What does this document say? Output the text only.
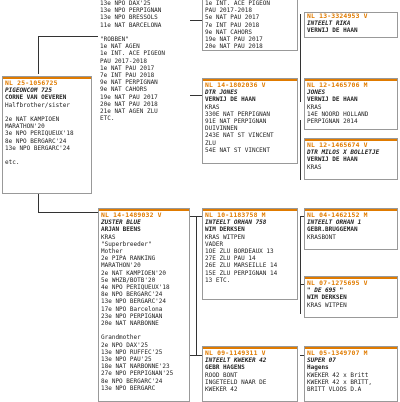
13e NPO DAX'25
13e NPO PERPIGNAN
13e NPO BRESSOLS
11e NAT BARCELONA

"ROBBEN"
1e NAT AGEN
1e INT. ACE PIGEON
PAU 2017-2018
1e NAT PAU 2017
7e INT PAU 2018
9e NAT PERPIGNAN
9e NAT CAHORS
19e NAT PAU 2017
20e NAT PAU 2018
21e NAT AGEN ZLU
ETC.
NL 25-1056725
PIGEONCOM 725
CORNE VAN OEVEREN
Halfbrother/sister

2e NAT KAMPIOEN
MARATHON'20
3e NPO PERIQUEUX'18
8e NPO BERGARC'24
13e NPO BERGARC'24

etc.
1e INT. ACE PIGEON
PAU 2017-2018
5e NAT PAU 2017
7e INT PAU 2018
9e NAT CAHORS
19e NAT PAU 2017
20e NAT PAU 2018
NL 13-3324953 V
INTEELT RIKA
VERWIJ DE HAAN
NL 14-1802036 V
DTR JONES
VERWIJ DE HAAN
KRAS
330E NAT PERPIGNAN
91E NAT PERPIGNAN
DUIVINNEN
243E NAT ST VINCENT
ZLU
54E NAT ST VINCENT
NL 12-1465706 M
JONES
VERWIJ DE HAAN
KRAS
14E NOORD HOLLAND
PERPIGNAN 2014
NL 12-1465674 V
DTR MILOS X BOLLETJE
VERWIJ DE HAAN
KRAS
NL 14-1489032 V
ZUSTER BLUE
ARJAN BEENS
KRAS
"Superbreeder"
Mother
2e PIPA RANKING
MARATHON'20
2e NAT KAMPIOEN'20
5e WHZB/BOTB'20
4e NPO PERIQUEUX'18
8e NPO BERGARC'24
13e NPO BERGARC'24
17e NPO Barcelona
23e NPO PERPIGNAN
20e NAT NARBONNE

Grandmother
2e NPO DAX'25
13e NPO RUFFEC'25
13e NPO PAU'25
18e NAT NARBONNE'23
27e NPO PERPIGNAN'25
8e NPO BERGARC'24
13e NPO BERGARC
NL 10-1183758 M
INTEELT ORHAN 758
WIM DERKSEN
KRAS WITPEN
VADER
1OE ZLU BORDEAUX 13
27E ZLU PAU 14
26E ZLU MARSEILLE 14
15E ZLU PERPIGNAN 14
13 ETC.
NL 04-1462152 M
INTEELT ORHAN 1
GEBR.BRUGGEMAN
KRASBONT
NL 07-1275695 V
" DE 695 "
WIM DERKSEN
KRAS WITPEN
NL 09-1149311 V
INTEELT KWEKER 42
GEBR HAGENS
ROOD BONT
INGETEELD NAAR DE
KWEKER 42
NL 05-1349707 M
SUPER 07
Hagens
KWEKER 42 x Britt
KWEKER 42 x BRITT,
BRITT VLOOS D.A
